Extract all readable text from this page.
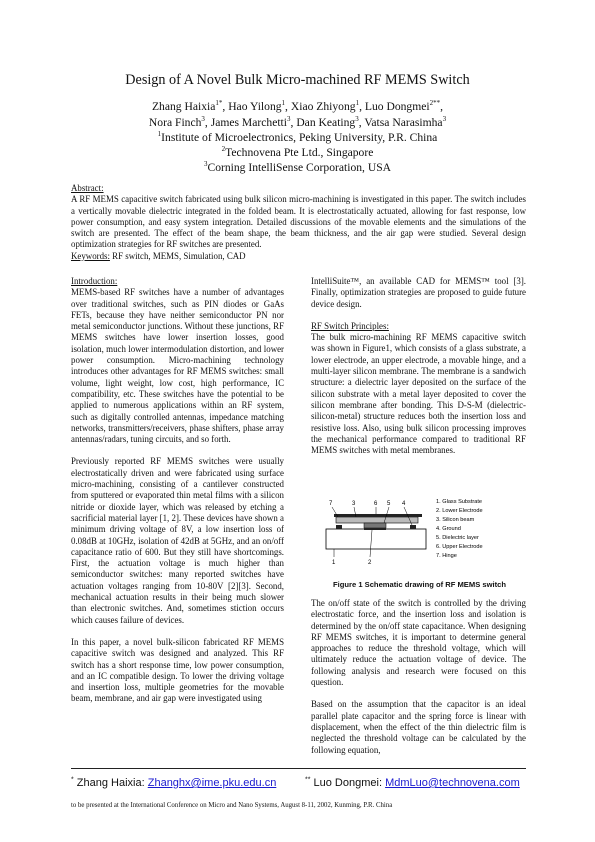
Design of A Novel Bulk Micro-machined RF MEMS Switch
Zhang Haixia$^{1*}$, Hao Yilong$^1$, Xiao Zhiyong$^1$, Luo Dongmei$^{2**}$,
Nora Finch$^3$, James Marchetti$^3$, Dan Keating$^3$, Vatsa Narasimha$^3$
$^1$Institute of Microelectronics, Peking University, P.R. China
$^2$Technovena Pte Ltd., Singapore
$^3$Corning IntelliSense Corporation, USA
Abstract:
A RF MEMS capacitive switch fabricated using bulk silicon micro-machining is investigated in this paper. The switch includes a vertically movable dielectric integrated in the folded beam. It is electrostatically actuated, allowing for fast response, low power consumption, and easy system integration. Detailed discussions of the movable elements and the simulations of the switch are presented. The effect of the beam shape, the beam thickness, and the air gap were studied. Several design optimization strategies for RF switches are presented.
Keywords: RF switch, MEMS, Simulation, CAD

Introduction:

MEMS-based RF switches have a number of advantages over traditional switches, such as PIN diodes or GaAs FETs, because they have neither semiconductor PN nor metal semiconductor junctions. Without these junctions, RF MEMS switches have lower insertion losses, good isolation, much lower intermodulation distortion, and lower power consumption. Micro-machining technology introduces other advantages for RF MEMS switches: small volume, light weight, low cost, high performance, IC compatibility, etc. These switches have the potential to be applied to numerous applications within an RF system, such as digitally controlled antennas, impedance matching networks, transmitters/receivers, phase shifters, phase array antennas/radars, tuning circuits, and so forth.

Previously reported RF MEMS switches were usually electrostatically driven and were fabricated using surface micro-machining, consisting of a cantilever constructed from sputtered or evaporated thin metal films with a silicon nitride or dioxide layer, which was released by etching a sacrificial material layer [1, 2]. These devices have shown a minimum driving voltage of 8V, a low insertion loss of 0.08dB at 10GHz, isolation of 42dB at 5GHz, and an on/off capacitance ratio of 600. But they still have shortcomings. First, the actuation voltage is much higher than semiconductor switches: many reported switches have actuation voltages ranging from 10-80V [2][3]. Second, mechanical actuation results in their being much slower than electronic switches. And, sometimes stiction occurs which causes failure of devices.

In this paper, a novel bulk-silicon fabricated RF MEMS capacitive switch was designed and analyzed. This RF switch has a short response time, low power consumption, and an IC compatible design. To lower the driving voltage and insertion loss, multiple geometries for the movable beam, membrane, and air gap were investigated using

IntelliSuite™, an available CAD for MEMS™ tool [3]. Finally, optimization strategies are proposed to guide future device design.

RF Switch Principles:

The bulk micro-machining RF MEMS capacitive switch was shown in Figure1, which consists of a glass substrate, a lower electrode, an upper electrode, a movable hinge, and a multi-layer silicon membrane. The membrane is a sandwich structure: a dielectric layer deposited on the surface of the silicon substrate with a metal layer deposited to cover the silicon membrane after bonding. This D-S-M (dielectric-silicon-metal) structure reduces both the insertion loss and resistive loss. Also, using bulk silicon processing improves the mechanical performance compared to traditional RF MEMS switches with metal membranes.

7	3	6 5 4
1	2
1. Glass Substrate
2. Lower Electrode
3. Silicon beam
4. Ground
5. Dielectric layer
6. Upper Electrode
7. Hinge
Figure 1 Schematic drawing of RF MEMS switch

The on/off state of the switch is controlled by the driving electrostatic force, and the insertion loss and isolation is determined by the on/off state capacitance. When designing RF MEMS switches, it is important to determine general approaches to reduce the threshold voltage, which will ultimately reduce the actuation voltage of device. The following analysis and research were focused on this question.

Based on the assumption that the capacitor is an ideal parallel plate capacitor and the spring force is linear with displacement, when the effect of the thin dielectric film is neglected the threshold voltage can be calculated by the following equation,

* Zhang Haixia: Zhanghx@ime.pku.edu.cn	** Luo Dongmei: MdmLuo@technovena.com
to be presented at the International Conference on Micro and Nano Systems, August 8-11, 2002, Kunming, P.R. China
